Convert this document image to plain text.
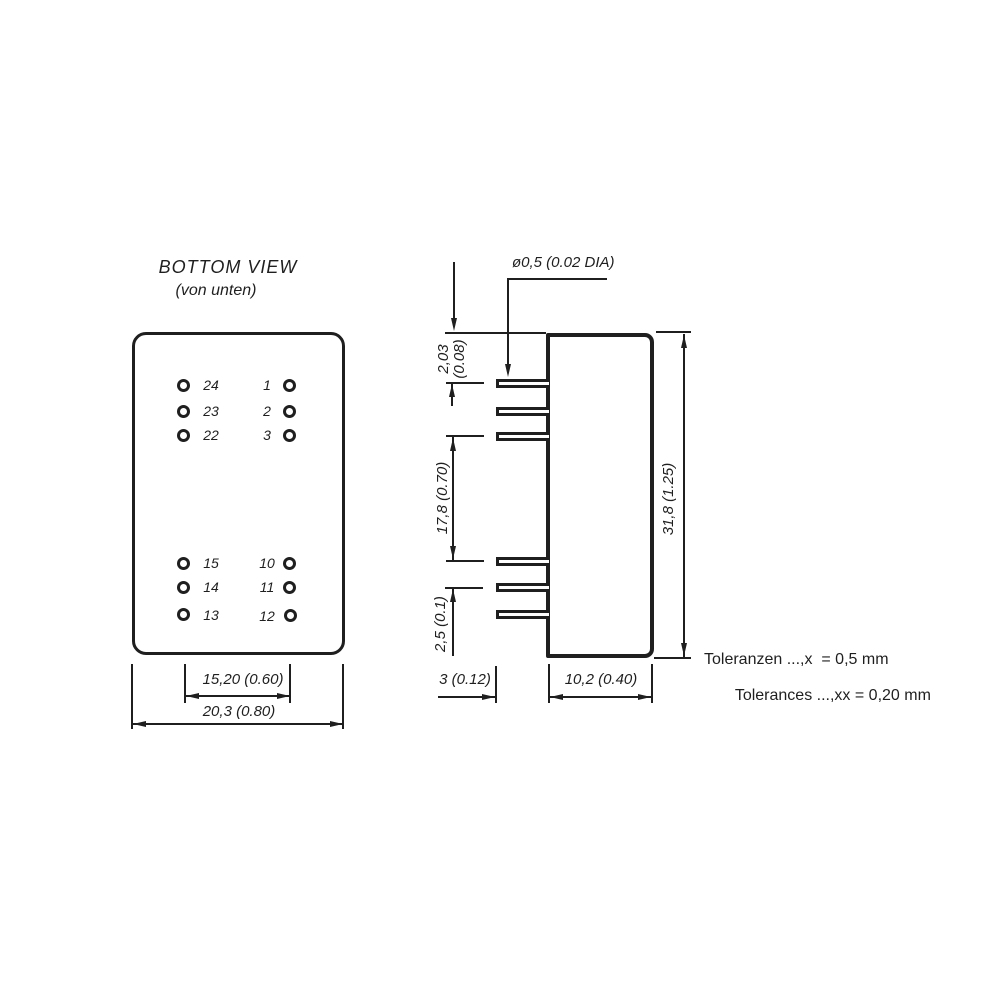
BOTTOM VIEW
(von unten)
24
23
22
1
2
3
15
14
13
10
11
12
15,20 (0.60)
20,3 (0.80)
ø0,5 (0.02 DIA)
2,03
(0.08)
17,8 (0.70)
2,5 (0.1)
31,8 (1.25)
3 (0.12)	10,2 (0.40)
Toleranzen ...,x  = 0,5 mm

Tolerances ...,xx = 0,20 mm
